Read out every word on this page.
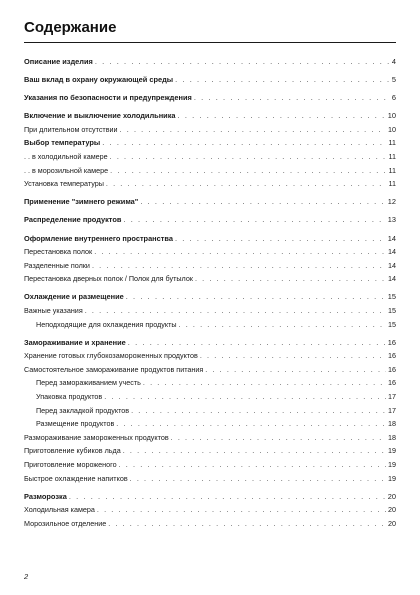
Содержание
Описание изделия . . .	4
Ваш вклад в охрану окружающей среды . . .	5
Указания по безопасности и предупреждения . . .	6
Включение и выключение холодильника . . .	10
При длительном отсутствии . . .	10
Выбор температуры . . .	11
. . в холодильной камере . . .	11
. . в морозильной камере . . .	11
Установка температуры . . .	11
Применение "зимнего режима" . . .	12
Распределение продуктов . . .	13
Оформление внутреннего пространства . . .	14
Перестановка полок . . .	14
Разделенные полки . . .	14
Перестановка дверных полок / Полок для бутылок . . .	14
Охлаждение и размещение . . .	15
Важные указания . . .	15
Неподходящие для охлаждения продукты . . .	15
Замораживание и хранение . . .	16
Хранение готовых глубокозамороженных продуктов . . .	16
Самостоятельное замораживание продуктов питания . . .	16
Перед замораживанием учесть . . .	16
Упаковка продуктов . . .	17
Перед закладкой продуктов . . .	17
Размещение продуктов . . .	18
Размораживание замороженных продуктов . . .	18
Приготовление кубиков льда . . .	19
Приготовление мороженого . . .	19
Быстрое охлаждение напитков . . .	19
Разморозка . . .	20
Холодильная камера . . .	20
Морозильное отделение . . .	20
2
